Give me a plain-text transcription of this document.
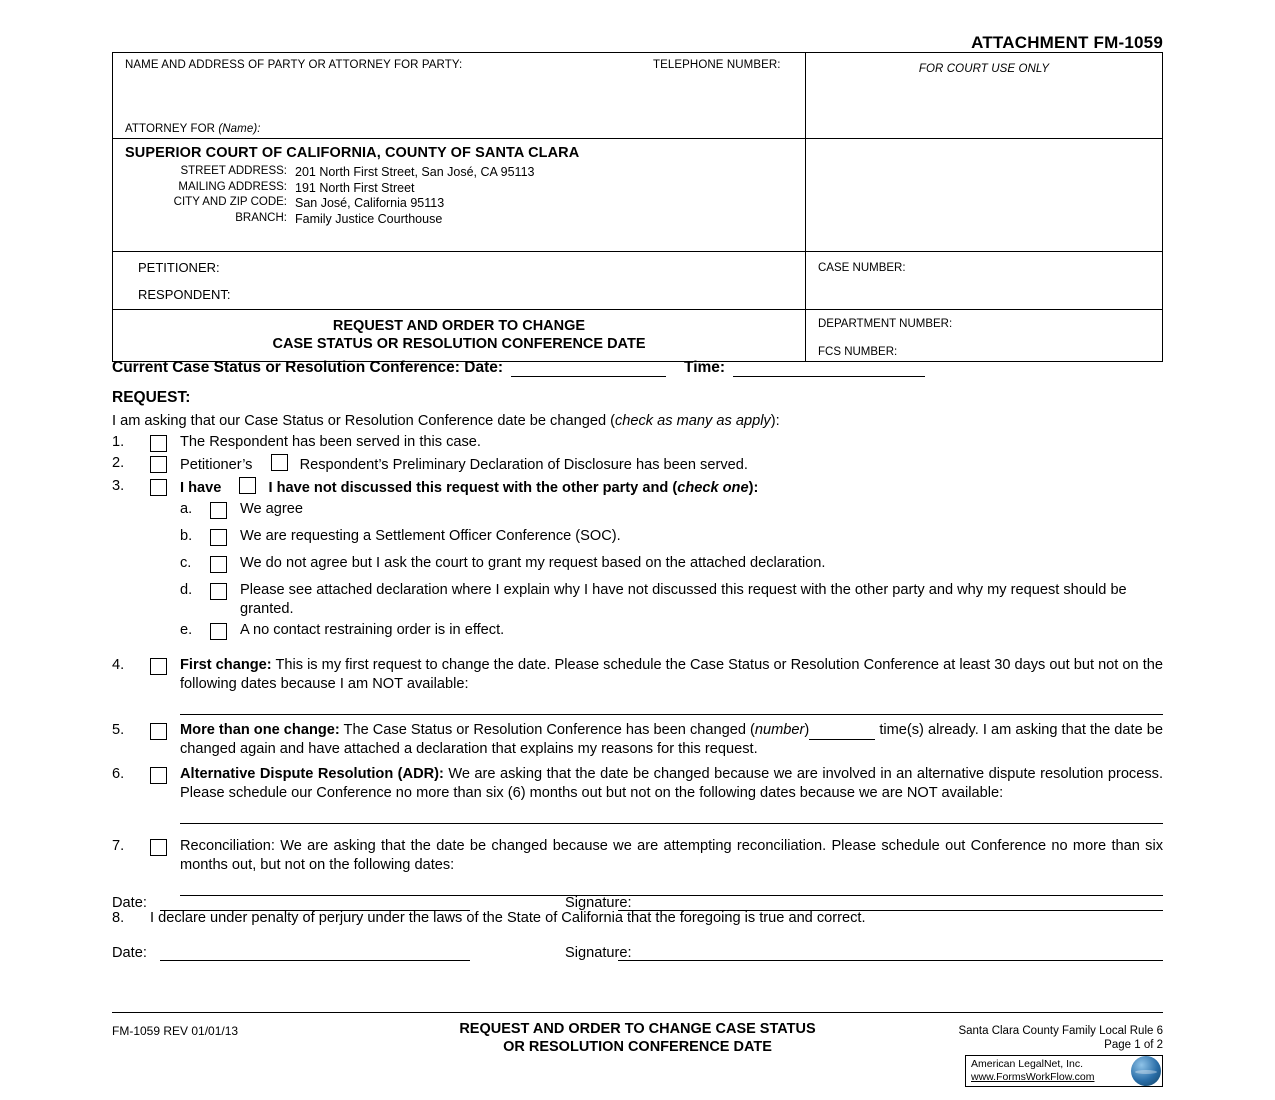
ATTACHMENT FM-1059
NAME AND ADDRESS OF PARTY OR ATTORNEY FOR PARTY:	TELEPHONE NUMBER:
ATTORNEY FOR (Name):
FOR COURT USE ONLY
SUPERIOR COURT OF CALIFORNIA, COUNTY OF SANTA CLARA
STREET ADDRESS: 201 North First Street, San José, CA 95113
MAILING ADDRESS: 191 North First Street
CITY AND ZIP CODE: San José, California 95113
BRANCH: Family Justice Courthouse
PETITIONER:
RESPONDENT:
CASE NUMBER:
REQUEST AND ORDER TO CHANGE
CASE STATUS OR RESOLUTION CONFERENCE DATE
DEPARTMENT NUMBER:
FCS NUMBER:
Current Case Status or Resolution Conference: Date:	Time:
REQUEST:
I am asking that our Case Status or Resolution Conference date be changed (check as many as apply):
1.	The Respondent has been served in this case.
2.	Petitioner’s	Respondent’s Preliminary Declaration of Disclosure has been served.
3.	I have	I have not discussed this request with the other party and (check one):
a.	We agree
b.	We are requesting a Settlement Officer Conference (SOC).
c.	We do not agree but I ask the court to grant my request based on the attached declaration.
d.	Please see attached declaration where I explain why I have not discussed this request with the other party and why my request should be granted.
e.	A no contact restraining order is in effect.
4.	First change: This is my first request to change the date. Please schedule the Case Status or Resolution Conference at least 30 days out but not on the following dates because I am NOT available:
5.	More than one change: The Case Status or Resolution Conference has been changed (number)	time(s) already. I am asking that the date be changed again and have attached a declaration that explains my reasons for this request.
6.	Alternative Dispute Resolution (ADR): We are asking that the date be changed because we are involved in an alternative dispute resolution process. Please schedule our Conference no more than six (6) months out but not on the following dates because we are NOT available:
7.	Reconciliation: We are asking that the date be changed because we are attempting reconciliation. Please schedule out Conference no more than six months out, but not on the following dates:
8.	I declare under penalty of perjury under the laws of the State of California that the foregoing is true and correct.
Date:	Signature:
Date:	Signature:
FM-1059 REV 01/01/13	REQUEST AND ORDER TO CHANGE CASE STATUS
OR RESOLUTION CONFERENCE DATE
Santa Clara County Family Local Rule 6
Page 1 of 2
American LegalNet, Inc.
www.FormsWorkFlow.com
